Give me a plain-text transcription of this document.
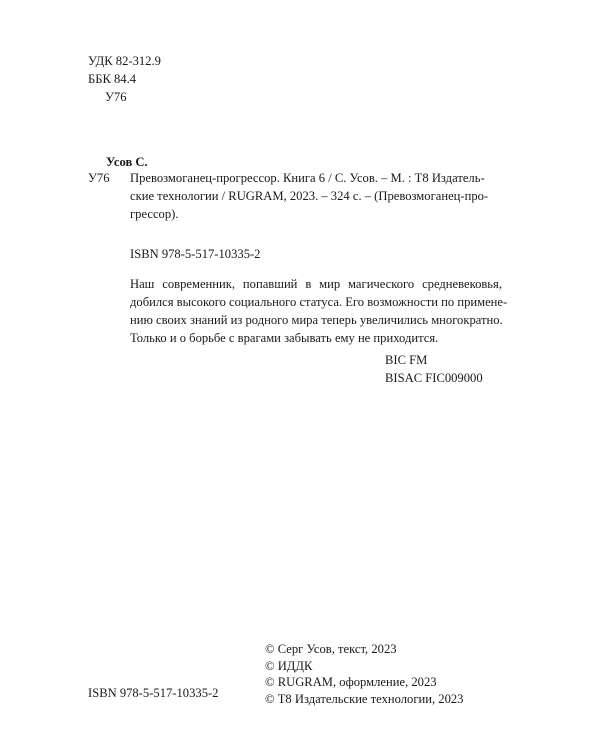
УДК 82-312.9
ББК 84.4
У76
Усов С.
У76 Превозмоганец-прогрессор. Книга 6 / С. Усов. – М. : Т8 Издатель-
ские технологии / RUGRAM, 2023. – 324 с. – (Превозмоганец-про-
грессор).
ISBN 978-5-517-10335-2
Наш современник, попавший в мир магического средневековья,
добился высокого социального статуса. Его возможности по примене-
нию своих знаний из родного мира теперь увеличились многократно.
Только и о борьбе с врагами забывать ему не приходится.
BIC FM
BISAC FIC009000
© Серг Усов, текст, 2023
© ИДДК
© RUGRAM, оформление, 2023
© Т8 Издательские технологии, 2023
ISBN 978-5-517-10335-2
